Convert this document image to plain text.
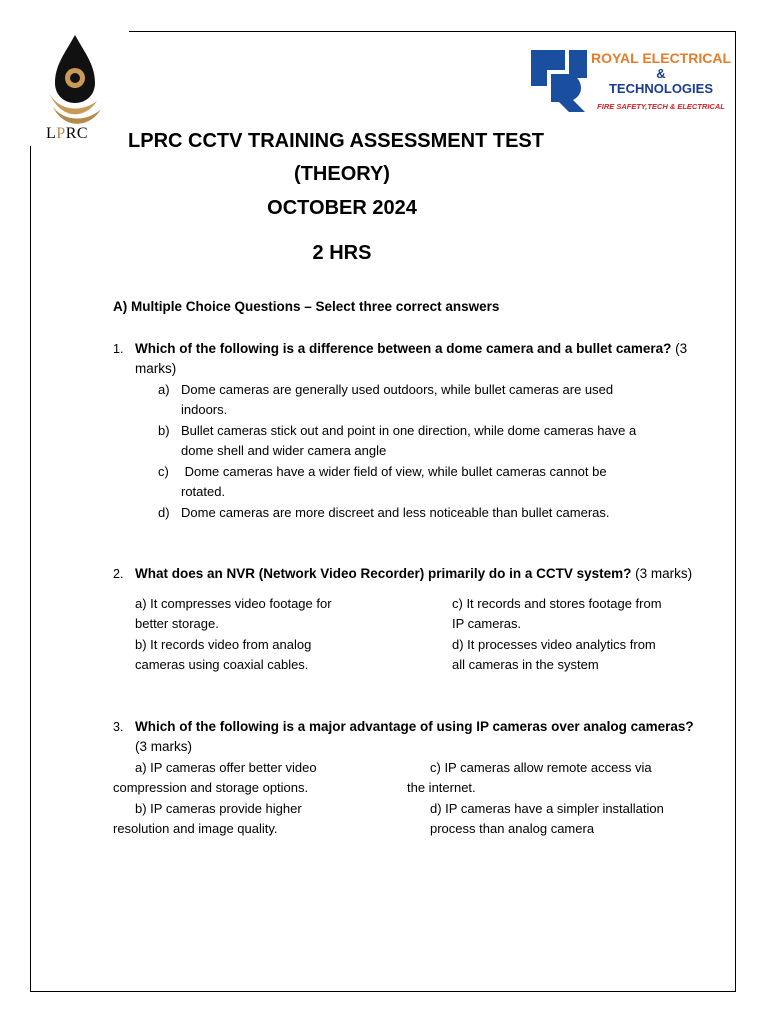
LPRC
ROYAL ELECTRICAL
&
TECHNOLOGIES
FIRE SAFETY,TECH & ELECTRICAL
LPRC CCTV TRAINING ASSESSMENT TEST
(THEORY)
OCTOBER 2024
2 HRS
A) Multiple Choice Questions – Select three correct answers
1. Which of the following is a difference between a dome camera and a bullet camera? (3
marks)
a) Dome cameras are generally used outdoors, while bullet cameras are used
indoors.
b) Bullet cameras stick out and point in one direction, while dome cameras have a
dome shell and wider camera angle
c) Dome cameras have a wider field of view, while bullet cameras cannot be
rotated.
d) Dome cameras are more discreet and less noticeable than bullet cameras.
2. What does an NVR (Network Video Recorder) primarily do in a CCTV system? (3 marks)
a) It compresses video footage for
better storage.
b) It records video from analog
cameras using coaxial cables.
c) It records and stores footage from
IP cameras.
d) It processes video analytics from
all cameras in the system
3. Which of the following is a major advantage of using IP cameras over analog cameras?
(3 marks)
a) IP cameras offer better video
compression and storage options.
b) IP cameras provide higher
resolution and image quality.
c) IP cameras allow remote access via
the internet.
d) IP cameras have a simpler installation
process than analog camera
